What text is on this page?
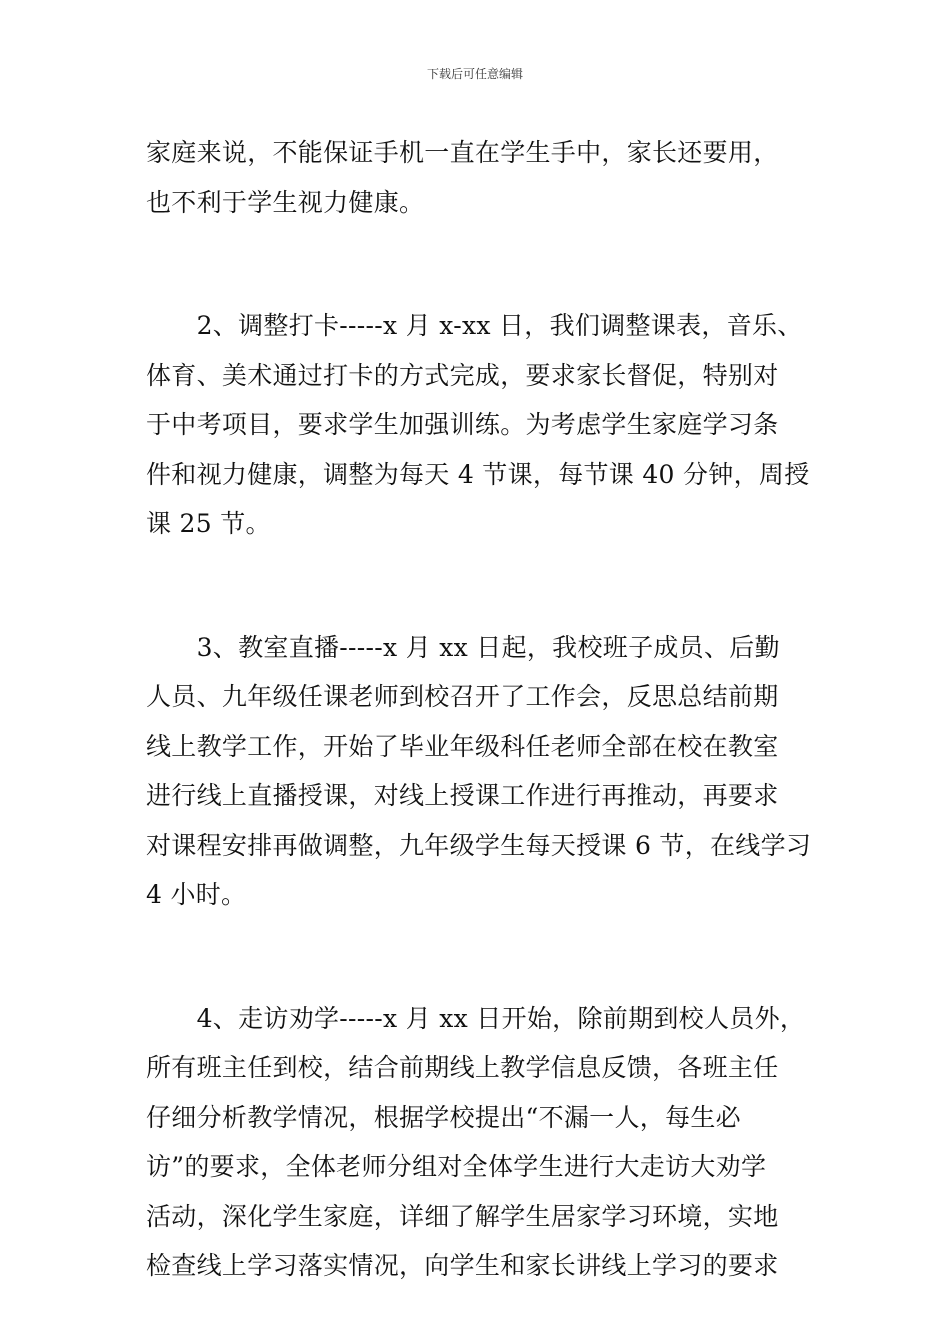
下载后可任意编辑
家庭来说，不能保证手机一直在学生手中，家长还要用，
也不利于学生视力健康。
　　2、调整打卡-----x 月 x-xx 日，我们调整课表，音乐、
体育、美术通过打卡的方式完成，要求家长督促，特别对
于中考项目，要求学生加强训练。为考虑学生家庭学习条
件和视力健康，调整为每天 4 节课，每节课 40 分钟，周授
课 25 节。
　　3、教室直播-----x 月 xx 日起，我校班子成员、后勤
人员、九年级任课老师到校召开了工作会，反思总结前期
线上教学工作，开始了毕业年级科任老师全部在校在教室
进行线上直播授课，对线上授课工作进行再推动，再要求
对课程安排再做调整，九年级学生每天授课 6 节，在线学习
4 小时。
　　4、走访劝学-----x 月 xx 日开始，除前期到校人员外，
所有班主任到校，结合前期线上教学信息反馈，各班主任
仔细分析教学情况，根据学校提出“不漏一人，每生必
访”的要求，全体老师分组对全体学生进行大走访大劝学
活动，深化学生家庭，详细了解学生居家学习环境，实地
检查线上学习落实情况，向学生和家长讲线上学习的要求
